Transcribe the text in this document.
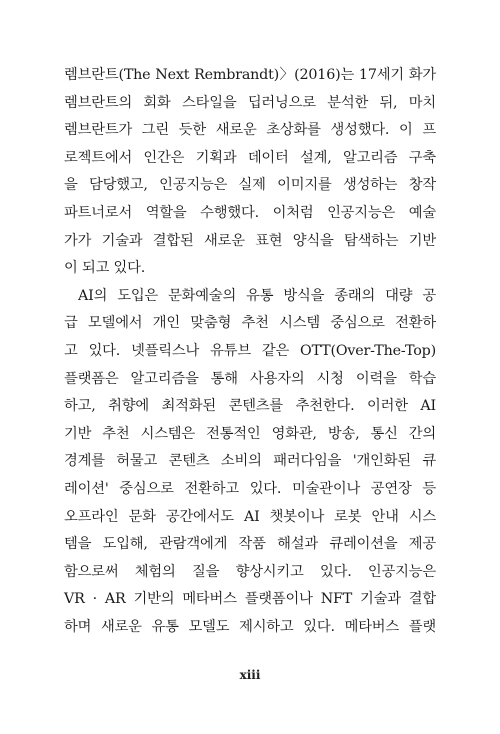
렘브란트(The Next Rembrandt)〉(2016)는 17세기 화가
렘브란트의 회화 스타일을 딥러닝으로 분석한 뒤, 마치
렘브란트가 그린 듯한 새로운 초상화를 생성했다. 이 프
로젝트에서 인간은 기획과 데이터 설계, 알고리즘 구축
을 담당했고, 인공지능은 실제 이미지를 생성하는 창작
파트너로서 역할을 수행했다. 이처럼 인공지능은 예술
가가 기술과 결합된 새로운 표현 양식을 탐색하는 기반
이 되고 있다.
AI의 도입은 문화예술의 유통 방식을 종래의 대량 공
급 모델에서 개인 맞춤형 추천 시스템 중심으로 전환하
고 있다. 넷플릭스나 유튜브 같은 OTT(Over-The-Top)
플랫폼은 알고리즘을 통해 사용자의 시청 이력을 학습
하고, 취향에 최적화된 콘텐츠를 추천한다. 이러한 AI
기반 추천 시스템은 전통적인 영화관, 방송, 통신 간의
경계를 허물고 콘텐츠 소비의 패러다임을 '개인화된 큐
레이션' 중심으로 전환하고 있다. 미술관이나 공연장 등
오프라인 문화 공간에서도 AI 챗봇이나 로봇 안내 시스
템을 도입해, 관람객에게 작품 해설과 큐레이션을 제공
함으로써 체험의 질을 향상시키고 있다. 인공지능은
VR · AR 기반의 메타버스 플랫폼이나 NFT 기술과 결합
하며 새로운 유통 모델도 제시하고 있다. 메타버스 플랫
xiii
